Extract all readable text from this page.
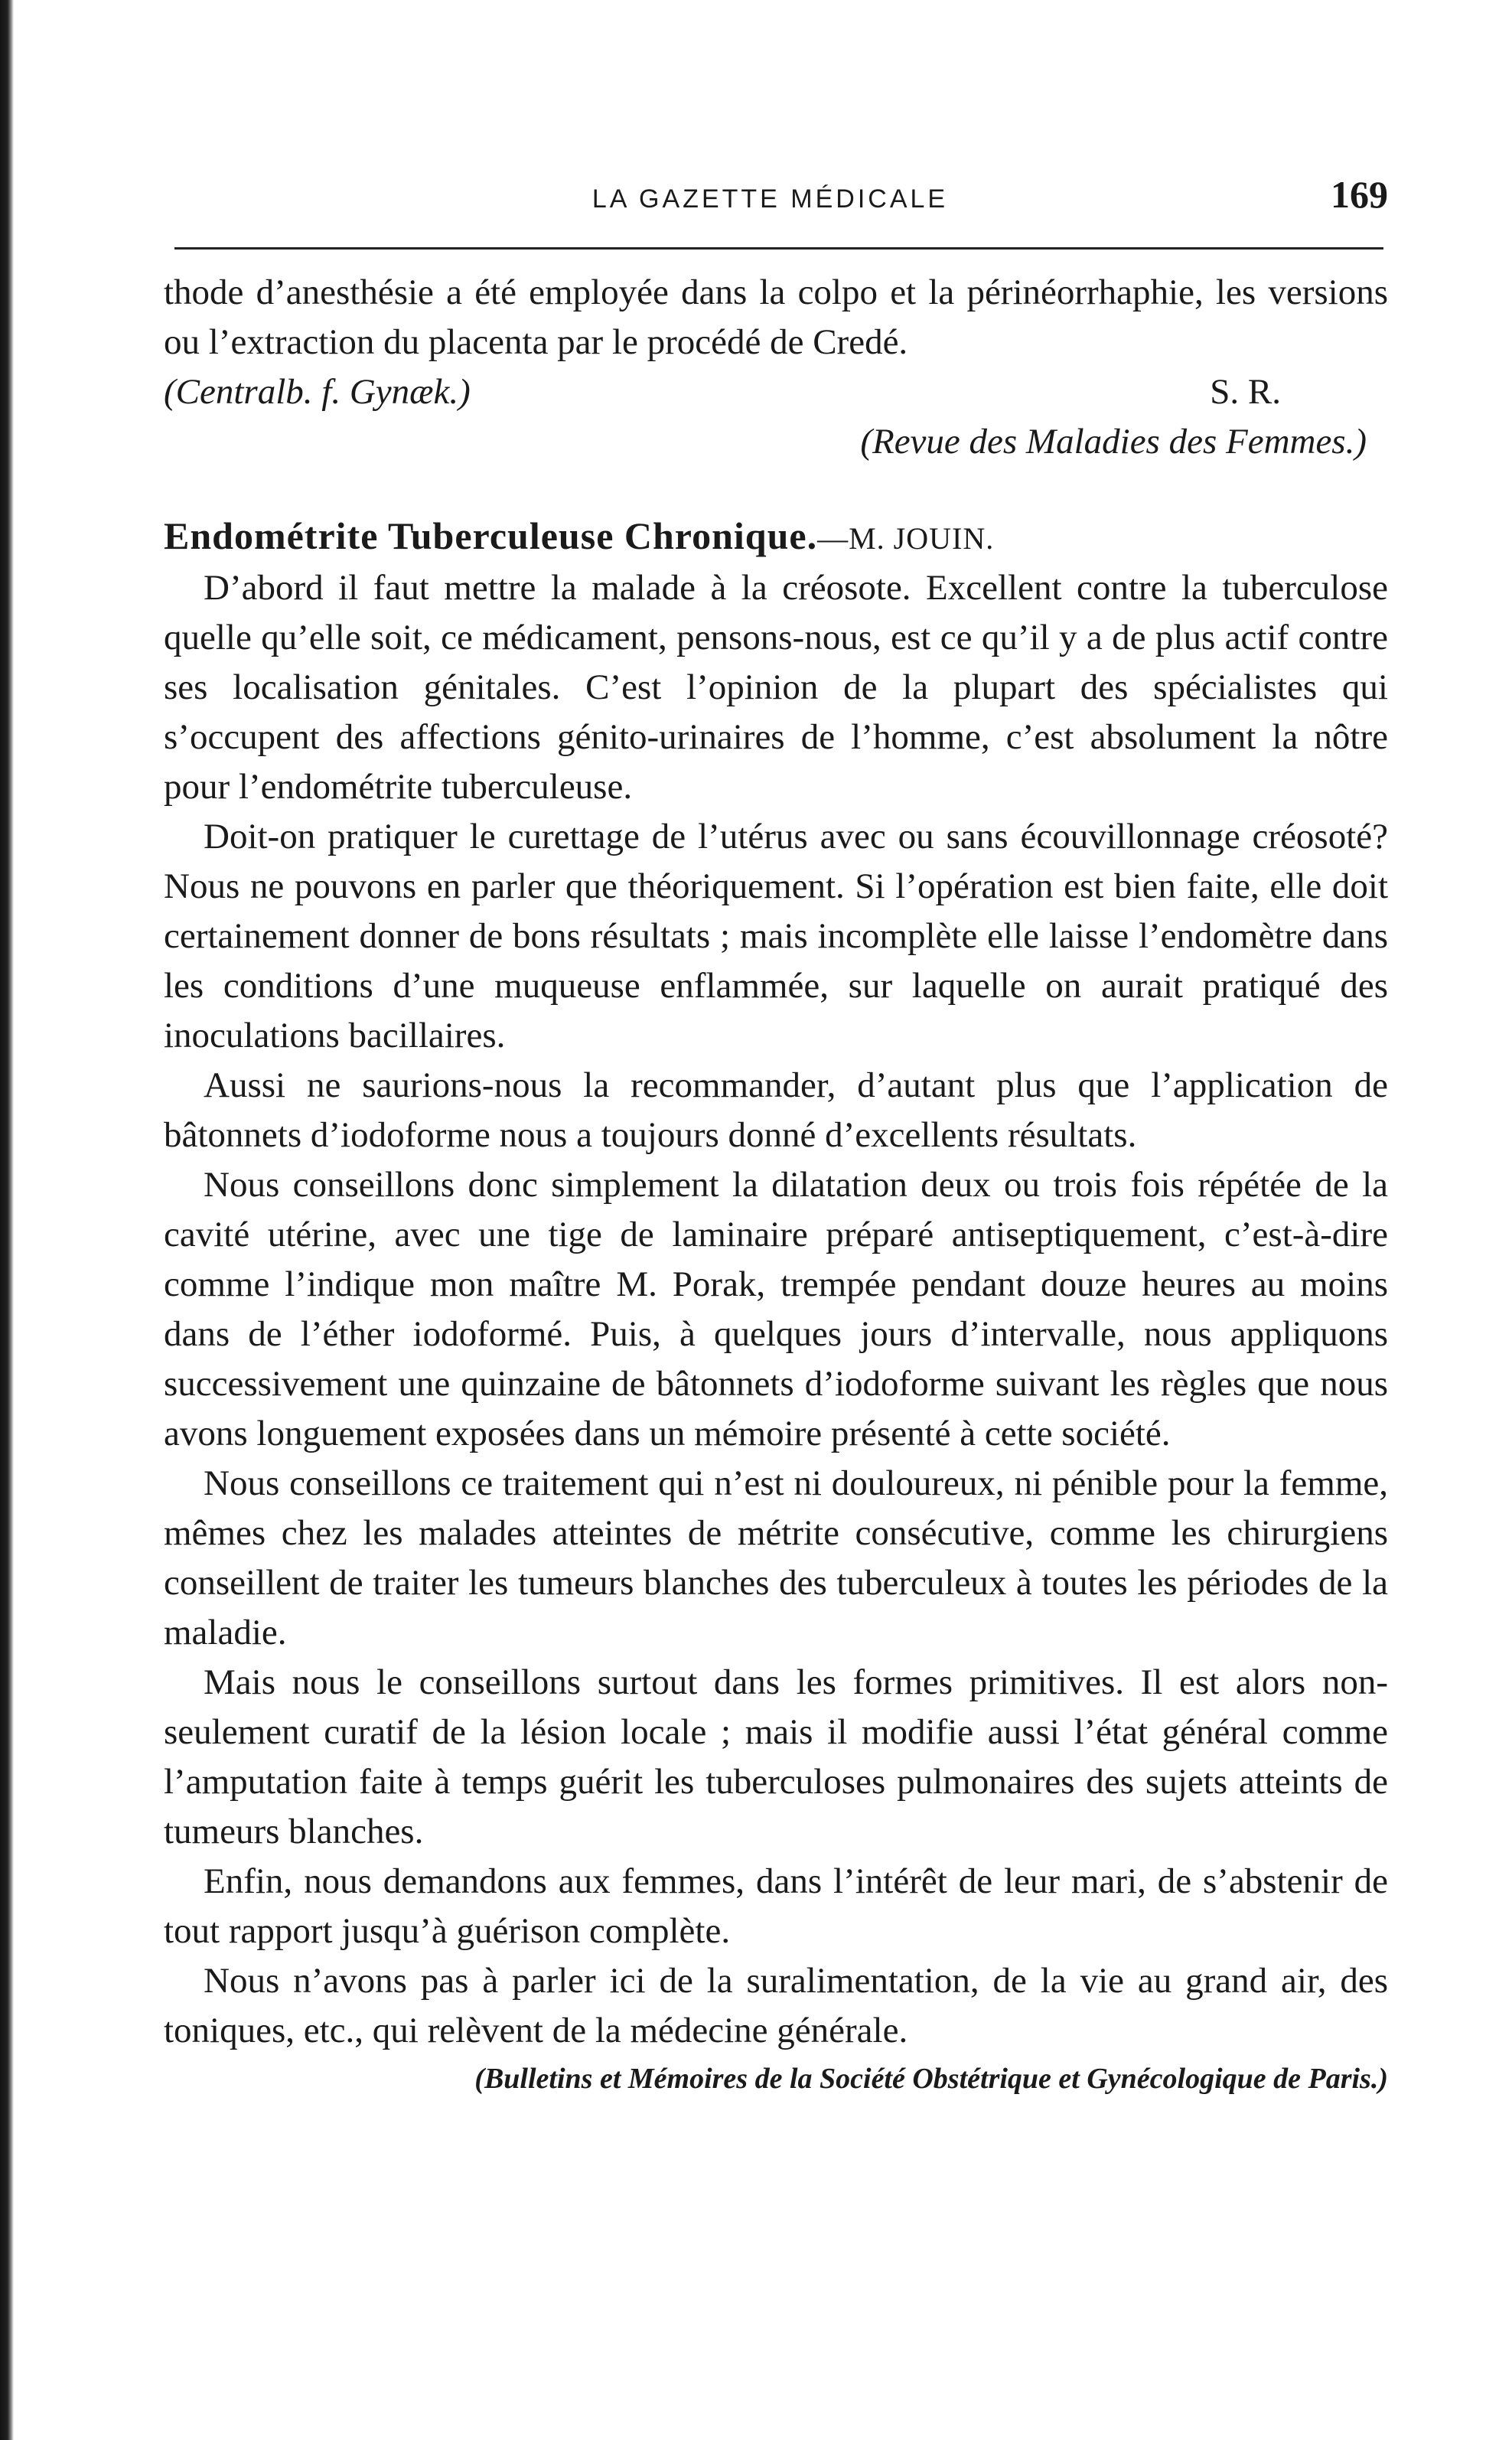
LA GAZETTE MÉDICALE	169

thode d’anesthésie a été employée dans la colpo et la périnéorrhaphie, les versions ou l’extraction du placenta par le procédé de Credé.

(Centralb. f. Gynæk.)	S. R.

(Revue des Maladies des Femmes.)

Endométrite Tuberculeuse Chronique.—M. JOUIN.

D’abord il faut mettre la malade à la créosote. Excellent contre la tuberculose quelle qu’elle soit, ce médicament, pensons-nous, est ce qu’il y a de plus actif contre ses localisation génitales. C’est l’opinion de la plupart des spécialistes qui s’occupent des affections génito-urinaires de l’homme, c’est absolument la nôtre pour l’endométrite tuberculeuse.

Doit-on pratiquer le curettage de l’utérus avec ou sans écouvillonnage créosoté? Nous ne pouvons en parler que théoriquement. Si l’opération est bien faite, elle doit certainement donner de bons résultats ; mais incomplète elle laisse l’endomètre dans les conditions d’une muqueuse enflammée, sur laquelle on aurait pratiqué des inoculations bacillaires.

Aussi ne saurions-nous la recommander, d’autant plus que l’application de bâtonnets d’iodoforme nous a toujours donné d’excellents résultats.

Nous conseillons donc simplement la dilatation deux ou trois fois répétée de la cavité utérine, avec une tige de laminaire préparé antiseptiquement, c’est-à-dire comme l’indique mon maître M. Porak, trempée pendant douze heures au moins dans de l’éther iodoformé. Puis, à quelques jours d’intervalle, nous appliquons successivement une quinzaine de bâtonnets d’iodoforme suivant les règles que nous avons longuement exposées dans un mémoire présenté à cette société.

Nous conseillons ce traitement qui n’est ni douloureux, ni pénible pour la femme, mêmes chez les malades atteintes de métrite consécutive, comme les chirurgiens conseillent de traiter les tumeurs blanches des tuberculeux à toutes les périodes de la maladie.

Mais nous le conseillons surtout dans les formes primitives. Il est alors non-seulement curatif de la lésion locale ; mais il modifie aussi l’état général comme l’amputation faite à temps guérit les tuberculoses pulmonaires des sujets atteints de tumeurs blanches.

Enfin, nous demandons aux femmes, dans l’intérêt de leur mari, de s’abstenir de tout rapport jusqu’à guérison complète.

Nous n’avons pas à parler ici de la suralimentation, de la vie au grand air, des toniques, etc., qui relèvent de la médecine générale.

(Bulletins et Mémoires de la Société Obstétrique et Gynécologique de Paris.)
